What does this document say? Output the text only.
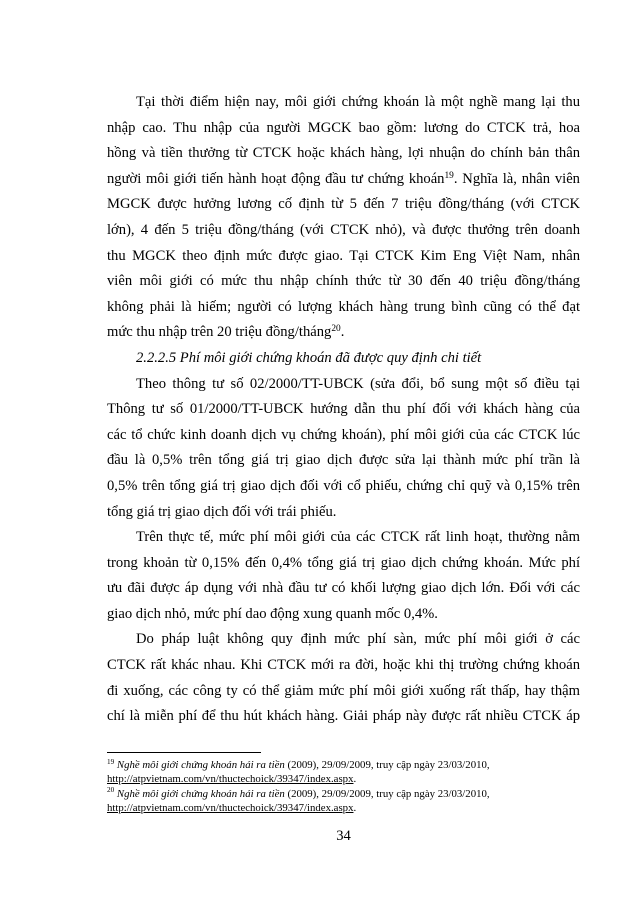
Tại thời điểm hiện nay, môi giới chứng khoán là một nghề mang lại thu
nhập cao. Thu nhập của người MGCK bao gồm: lương do CTCK trả, hoa
hồng và tiền thưởng từ CTCK hoặc khách hàng, lợi nhuận do chính bản thân
người môi giới tiến hành hoạt động đầu tư chứng khoán$^{19}$. Nghĩa là, nhân viên
MGCK được hưởng lương cố định từ 5 đến 7 triệu đồng/tháng (với CTCK
lớn), 4 đến 5 triệu đồng/tháng (với CTCK nhỏ), và được thưởng trên doanh
thu MGCK theo định mức được giao. Tại CTCK Kim Eng Việt Nam, nhân
viên môi giới có mức thu nhập chính thức từ 30 đến 40 triệu đồng/tháng
không phải là hiếm; người có lượng khách hàng trung bình cũng có thể đạt
mức thu nhập trên 20 triệu đồng/tháng$^{20}$.
2.2.2.5 Phí môi giới chứng khoán đã được quy định chi tiết
Theo thông tư số 02/2000/TT-UBCK (sửa đổi, bổ sung một số điều tại
Thông tư số 01/2000/TT-UBCK hướng dẫn thu phí đối với khách hàng của
các tổ chức kinh doanh dịch vụ chứng khoán), phí môi giới của các CTCK lúc
đầu là 0,5% trên tổng giá trị giao dịch được sửa lại thành mức phí trần là
0,5% trên tổng giá trị giao dịch đối với cổ phiếu, chứng chỉ quỹ và 0,15% trên
tổng giá trị giao dịch đối với trái phiếu.
Trên thực tế, mức phí môi giới của các CTCK rất linh hoạt, thường nằm
trong khoản từ 0,15% đến 0,4% tổng giá trị giao dịch chứng khoán. Mức phí
ưu đãi được áp dụng với nhà đầu tư có khối lượng giao dịch lớn. Đối với các
giao dịch nhỏ, mức phí dao động xung quanh mốc 0,4%.
Do pháp luật không quy định mức phí sàn, mức phí môi giới ở các
CTCK rất khác nhau. Khi CTCK mới ra đời, hoặc khi thị trường chứng khoán
đi xuống, các công ty có thể giảm mức phí môi giới xuống rất thấp, hay thậm
chí là miễn phí để thu hút khách hàng. Giải pháp này được rất nhiều CTCK áp
$^{19}$ Nghề môi giới chứng khoán hái ra tiền (2009), 29/09/2009, truy cập ngày 23/03/2010,
http://atpvietnam.com/vn/thuctechoick/39347/index.aspx.
$^{20}$ Nghề môi giới chứng khoán hái ra tiền (2009), 29/09/2009, truy cập ngày 23/03/2010,
http://atpvietnam.com/vn/thuctechoick/39347/index.aspx.
34
